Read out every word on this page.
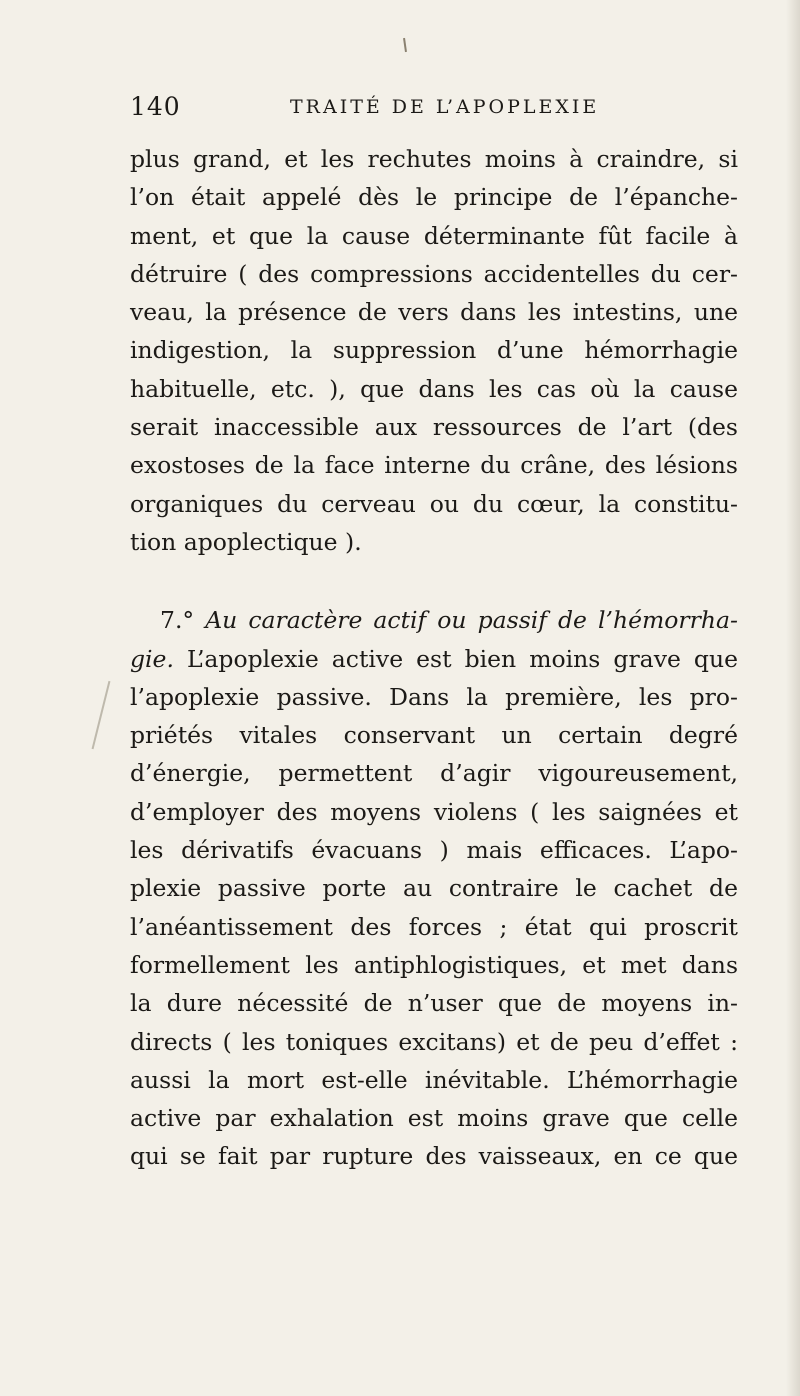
140	TRAITÉ DE L’APOPLEXIE
plus grand, et les rechutes moins à craindre, si
l’on était appelé dès le principe de l’épanche-
ment, et que la cause déterminante fût facile à
détruire ( des compressions accidentelles du cer-
veau, la présence de vers dans les intestins, une
indigestion, la suppression d’une hémorrhagie
habituelle, etc. ), que dans les cas où la cause
serait inaccessible aux ressources de l’art (des
exostoses de la face interne du crâne, des lésions
organiques du cerveau ou du cœur, la constitu-
tion apoplectique ).
7.° Au caractère actif ou passif de l’hémorrha-
gie. L’apoplexie active est bien moins grave que
l’apoplexie passive. Dans la première, les pro-
priétés vitales conservant un certain degré
d’énergie, permettent d’agir vigoureusement,
d’employer des moyens violens ( les saignées et
les dérivatifs évacuans ) mais efficaces. L’apo-
plexie passive porte au contraire le cachet de
l’anéantissement des forces ; état qui proscrit
formellement les antiphlogistiques, et met dans
la dure nécessité de n’user que de moyens in-
directs ( les toniques excitans) et de peu d’effet :
aussi la mort est-elle inévitable. L’hémorrhagie
active par exhalation est moins grave que celle
qui se fait par rupture des vaisseaux, en ce que
